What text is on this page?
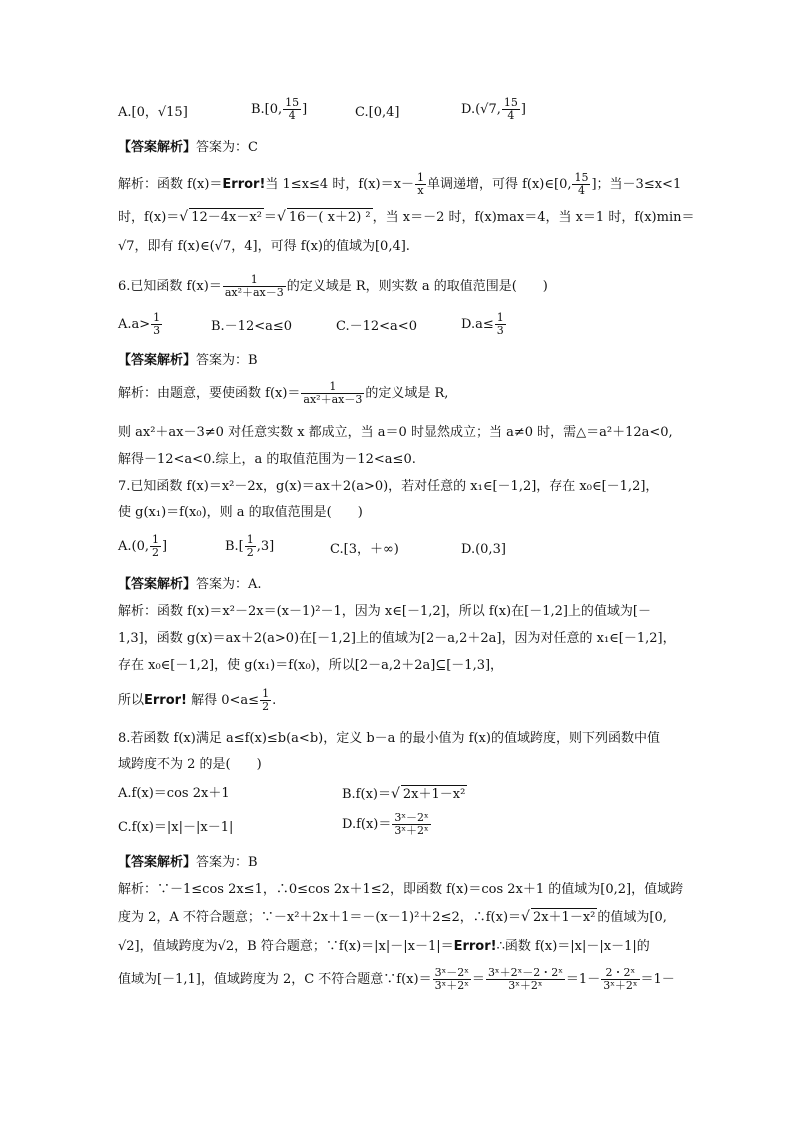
A.[0，√15]	B.[0, $\frac{15}{4}$ ]	C.[0,4]	D.(√7, $\frac{15}{4}$ ]
【答案解析】答案为：C
解析：函数 f(x)＝Error!当 1≤x≤4 时，$f(x)=x- \frac{1}{x}$ 单调递增，可得 f(x)∈[0, $\frac{15}{4}$ ]；当－3≤x<1
时，f(x)＝√ 12－4x－x² ＝√ 16－( x＋2) ² ，当 x＝－2 时，f(x)max＝4，当 x＝1 时，f(x)min＝
√7，即有 f(x)∈(√7，4]，可得 f(x)的值域为[0,4].
6.已知函数 $f(x)= \frac{1}{\text{ax²＋ax－3}}$ 的定义域是 R，则实数 a 的取值范围是(　　)
$A.a> \frac{1}{3}$	B.－12<a≤0	C.－12<a<0	$D.a\le \frac{1}{3}$
【答案解析】答案为：B
解析：由题意，要使函数 $f(x)= \frac{1}{\text{ax²＋ax－3}}$ 的定义域是 R,
则 ax²＋ax－3≠0 对任意实数 x 都成立，当 a＝0 时显然成立；当 a≠0 时，需△＝a²＋12a<0,
解得－12<a<0.综上，a 的取值范围为－12<a≤0.
7.已知函数 f(x)＝x²－2x，g(x)＝ax＋2(a>0)，若对任意的 x₁∈[－1,2]，存在 x₀∈[－1,2]，
使 g(x₁)＝f(x₀)，则 a 的取值范围是(　　)
A.(0, $\frac{1}{2}$ ]	$B.[ \frac{1}{2} ,3]$	C.[3，＋∞)	D.(0,3]
【答案解析】答案为：A.
解析：函数 f(x)＝x²－2x＝(x－1)²－1，因为 x∈[－1,2]，所以 f(x)在[－1,2]上的值域为[－
1,3]，函数 g(x)＝ax＋2(a>0)在[－1,2]上的值域为[2－a,2＋2a]，因为对任意的 x₁∈[－1,2]，
存在 x₀∈[－1,2]，使 g(x₁)＝f(x₀)，所以[2－a,2＋2a]⊆[－1,3]，
所以Error! 解得 $0<a\le \frac{1}{2}$ .
8.若函数 f(x)满足 a≤f(x)≤b(a<b)，定义 b－a 的最小值为 f(x)的值域跨度，则下列函数中值
域跨度不为 2 的是(　　)
A.f(x)＝cos 2x＋1	B.f(x)＝√ 2x＋1－x²
C.f(x)＝|x|－|x－1|	$D.f(x)= \frac{\text{3ˣ－2ˣ}}{\text{3ˣ＋2ˣ}}$
【答案解析】答案为：B
解析：∵－1≤cos 2x≤1，∴0≤cos 2x＋1≤2，即函数 f(x)＝cos 2x＋1 的值域为[0,2]，值域跨
度为 2，A 不符合题意；∵－x²＋2x＋1＝－(x－1)²＋2≤2，∴f(x)＝√ 2x＋1－x² 的值域为[0,
√2]，值域跨度为√2，B 符合题意；∵f(x)＝|x|－|x－1|＝Error!∴函数 f(x)＝|x|－|x－1|的
值域为[－1,1]，值域跨度为 2，C 不符合题意∵f(x)＝ $\frac{\text{3ˣ－2ˣ}}{\text{3ˣ＋2ˣ}} = \frac{\text{3ˣ＋2ˣ－2・2ˣ}}{\text{3ˣ＋2ˣ}} =1- \frac{\text{2・2ˣ}}{\text{3ˣ＋2ˣ}} =1-$
